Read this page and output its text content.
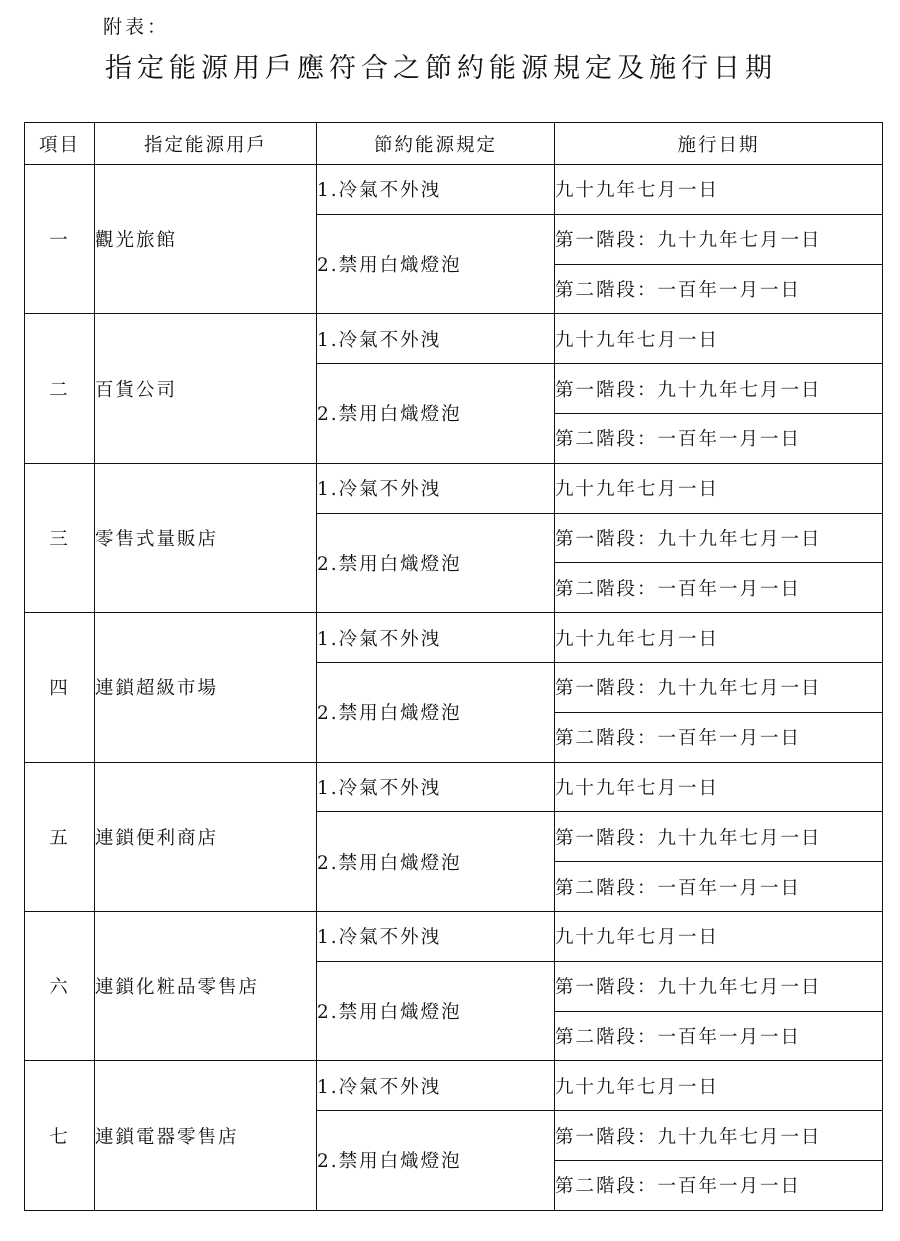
附表：
指定能源用戶應符合之節約能源規定及施行日期
項目	指定能源用戶	節約能源規定	施行日期
一	觀光旅館	1.冷氣不外洩	九十九年七月一日
		2.禁用白熾燈泡	第一階段：九十九年七月一日
			第二階段：一百年一月一日
二	百貨公司	1.冷氣不外洩	九十九年七月一日
		2.禁用白熾燈泡	第一階段：九十九年七月一日
			第二階段：一百年一月一日
三	零售式量販店	1.冷氣不外洩	九十九年七月一日
		2.禁用白熾燈泡	第一階段：九十九年七月一日
			第二階段：一百年一月一日
四	連鎖超級市場	1.冷氣不外洩	九十九年七月一日
		2.禁用白熾燈泡	第一階段：九十九年七月一日
			第二階段：一百年一月一日
五	連鎖便利商店	1.冷氣不外洩	九十九年七月一日
		2.禁用白熾燈泡	第一階段：九十九年七月一日
			第二階段：一百年一月一日
六	連鎖化粧品零售店	1.冷氣不外洩	九十九年七月一日
		2.禁用白熾燈泡	第一階段：九十九年七月一日
			第二階段：一百年一月一日
七	連鎖電器零售店	1.冷氣不外洩	九十九年七月一日
		2.禁用白熾燈泡	第一階段：九十九年七月一日
			第二階段：一百年一月一日
